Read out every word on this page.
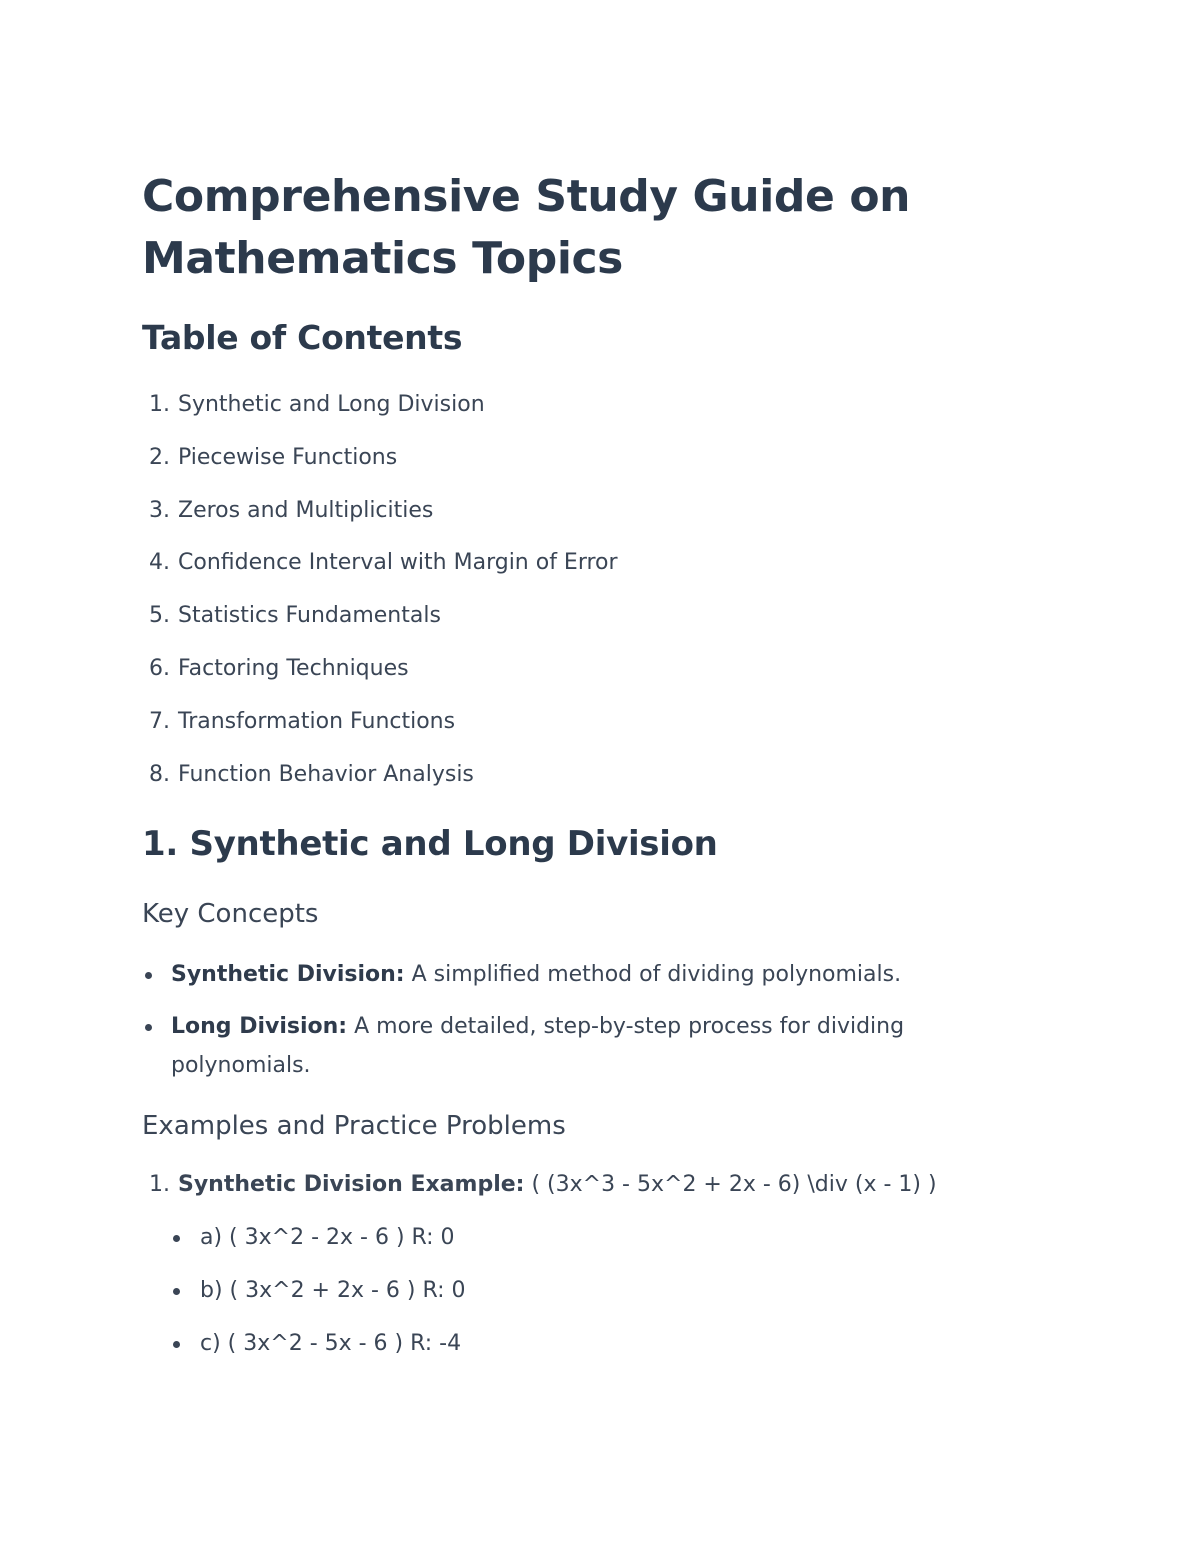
Comprehensive Study Guide on Mathematics Topics
Table of Contents
1. Synthetic and Long Division
2. Piecewise Functions
3. Zeros and Multiplicities
4. Confidence Interval with Margin of Error
5. Statistics Fundamentals
6. Factoring Techniques
7. Transformation Functions
8. Function Behavior Analysis
1. Synthetic and Long Division
Key Concepts
Synthetic Division: A simplified method of dividing polynomials.
Long Division: A more detailed, step-by-step process for dividing
polynomials.
Examples and Practice Problems
1. Synthetic Division Example: ( (3x^3 - 5x^2 + 2x - 6) \div (x - 1) )
a) ( 3x^2 - 2x - 6 ) R: 0
b) ( 3x^2 + 2x - 6 ) R: 0
c) ( 3x^2 - 5x - 6 ) R: -4
